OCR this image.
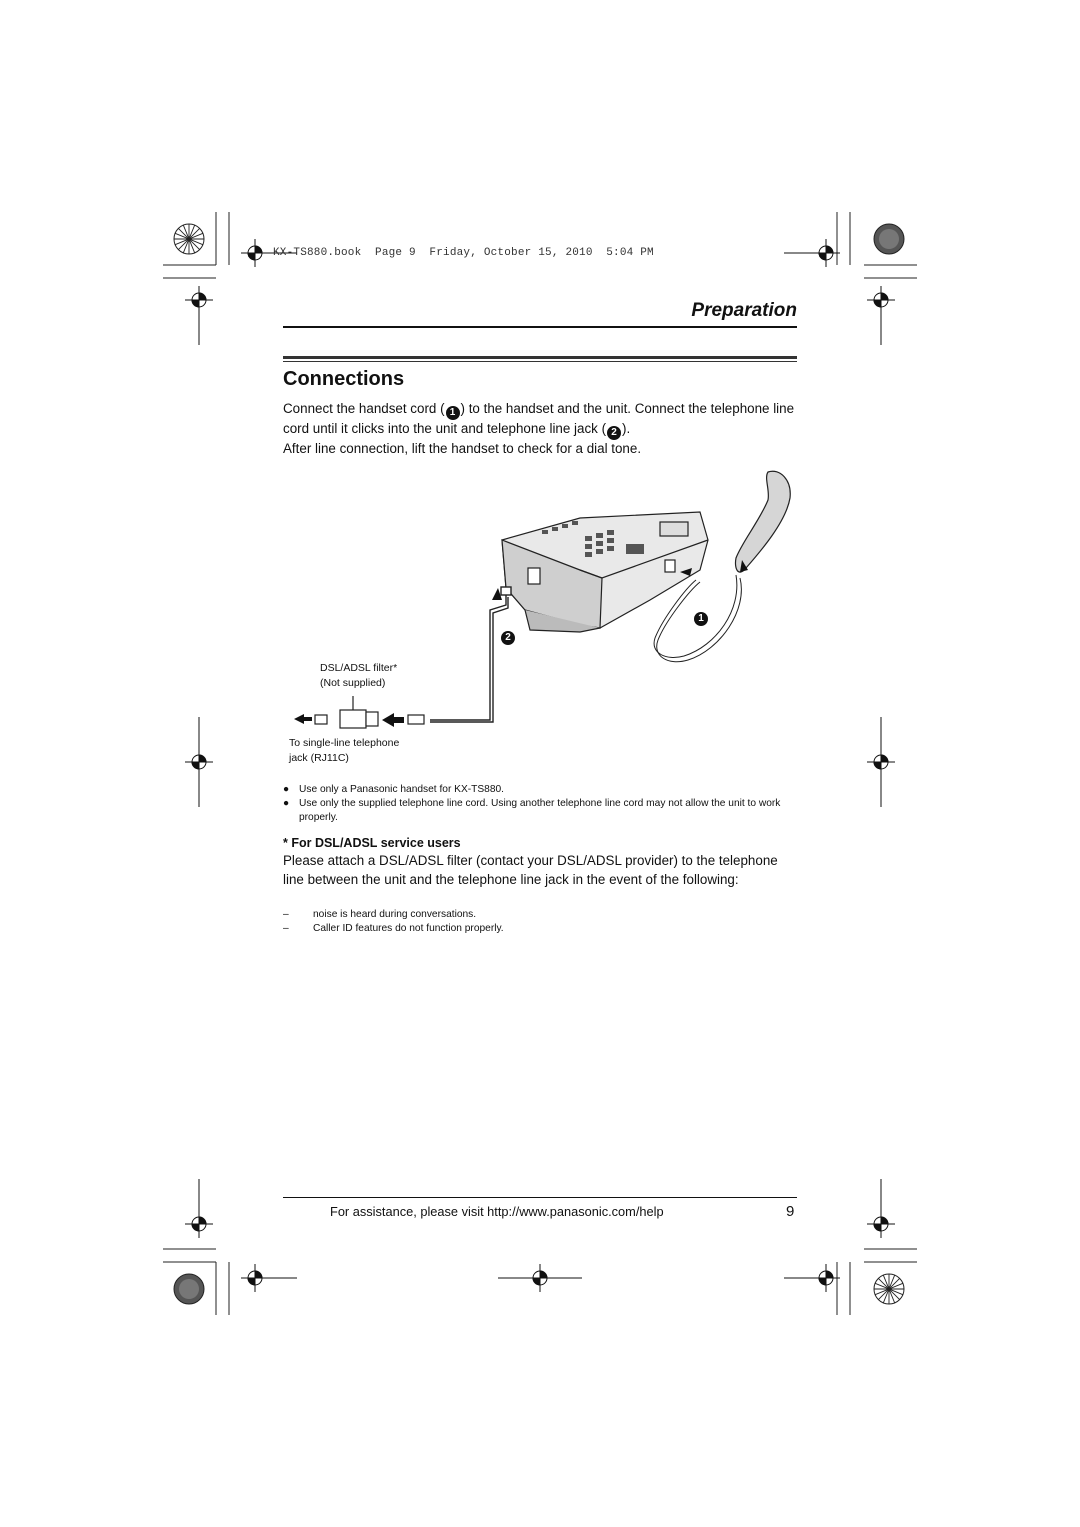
KX-TS880.book  Page 9  Friday, October 15, 2010  5:04 PM
Preparation
Connections
Connect the handset cord ( 1 ) to the handset and the unit. Connect the telephone line cord until it clicks into the unit and telephone line jack ( 2 ).
After line connection, lift the handset to check for a dial tone.
1
2
DSL/ADSL filter*
(Not supplied)
To single-line telephone
jack (RJ11C)
● Use only a Panasonic handset for KX-TS880.
● Use only the supplied telephone line cord. Using another telephone line cord may not allow the unit to work properly.
* For DSL/ADSL service users
Please attach a DSL/ADSL filter (contact your DSL/ADSL provider) to the telephone line between the unit and the telephone line jack in the event of the following:
– noise is heard during conversations.
– Caller ID features do not function properly.
For assistance, please visit http://www.panasonic.com/help	9
